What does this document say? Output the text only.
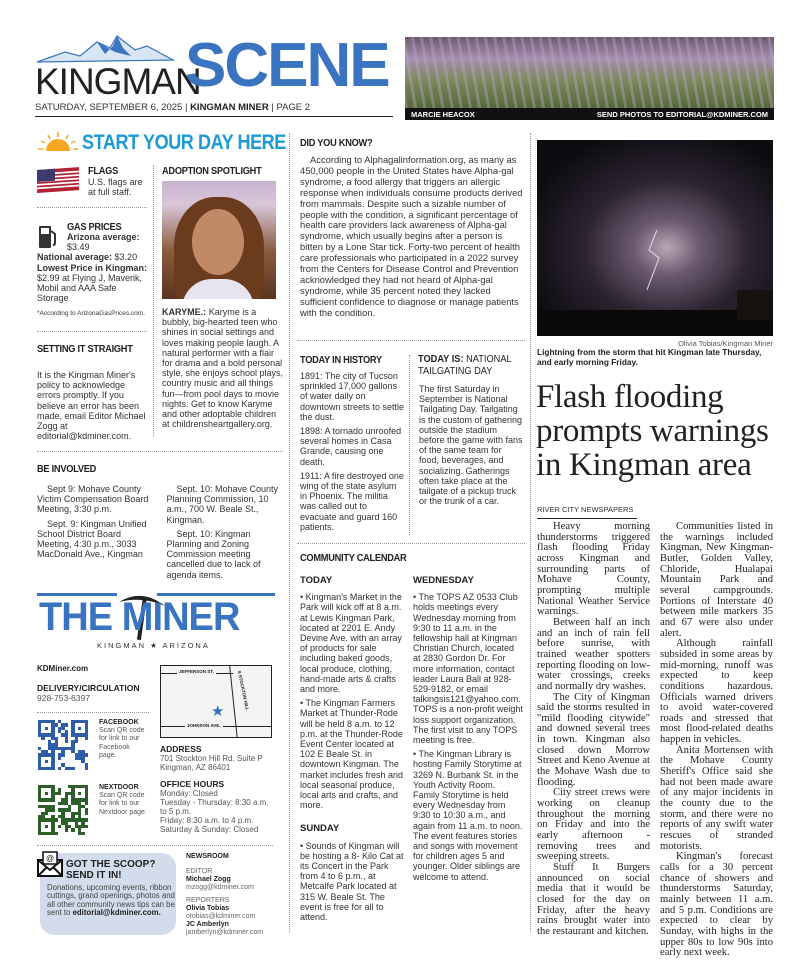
KINGMAN
SCENE
SATURDAY, SEPTEMBER 6, 2025 | KINGMAN MINER | PAGE 2
MARCIE HEACOX	SEND PHOTOS TO EDITORIAL@KDMINER.COM
START YOUR DAY HERE
FLAGS
U.S. flags are at full staff.
GAS PRICES
Arizona average:
$3.49
National average: $3.20
Lowest Price in Kingman:
$2.99 at Flying J, Maverik, Mobil and AAA Safe Storage
*According to ArizonaGasPrices.com.
SETTING IT STRAIGHT
It is the Kingman Miner's policy to acknowledge errors promptly. If you believe an error has been made, email Editor Michael Zogg at editorial@kdminer.com.
ADOPTION SPOTLIGHT
KARYME.: Karyme is a bubbly, big-hearted teen who shines in social settings and loves making people laugh. A natural performer with a flair for drama and a bold personal style, she enjoys school plays, country music and all things fun—from pool days to movie nights. Get to know Karyme and other adoptable children at childrensheartgallery.org.
BE INVOLVED

Sept 9: Mohave County Victim Compensation Board Meeting, 3:30 p.m.

Sept. 9: Kingman Unified School District Board Meeting, 4:30 p.m., 3033 MacDonald Ave., Kingman

Sept. 10: Mohave County Planning Commission, 10 a.m., 700 W. Beale St., Kingman.

Sept. 10: Kingman Planning and Zoning Commission meeting cancelled due to lack of agenda items.

THE MINER
KINGMAN ★ ARIZONA
KDMiner.com
DELIVERY/CIRCULATION
928-753-6397
FACEBOOK
Scan QR code for link to our Facebook page.
NEXTDOOR
Scan QR code for link to our Nextdoor page.
JEFFERSON ST.	S STOCKTON HILL
JOHNSON AVE.
★
ADDRESS
701 Stockton Hill Rd. Suite P
Kingman, AZ 86401
OFFICE HOURS

Monday: Closed
Tuesday - Thursday: 8:30 a.m. to 5 p.m.
Friday: 8:30 a.m. to 4 p.m.
Saturday & Sunday: Closed
@
GOT THE SCOOP?
SEND IT IN!
Donations, upcoming events, ribbon cuttings, grand openings, photos and all other community news tips can be sent to editorial@kdminer.com.
NEWSROOM
EDITOR
Michael Zogg
mzogg@kdminer.com
REPORTERS
Olivia Tobias
otobias@kdminer.com
JC Amberlyn
jamberlyn@kdminer.com
DID YOU KNOW?
According to Alphagalinformation.org, as many as 450,000 people in the United States have Alpha-gal syndrome, a food allergy that triggers an allergic response when individuals consume products derived from mammals. Despite such a sizable number of people with the condition, a significant percentage of health care providers lack awareness of Alpha-gal syndrome, which usually begins after a person is bitten by a Lone Star tick. Forty-two percent of health care professionals who participated in a 2022 survey from the Centers for Disease Control and Prevention acknowledged they had not heard of Alpha-gal syndrome, while 35 percent noted they lacked sufficient confidence to diagnose or manage patients with the condition.
TODAY IN HISTORY

1891: The city of Tucson sprinkled 17,000 gallons of water daily on downtown streets to settle the dust.

1898: A tornado unroofed several homes in Casa Grande, causing one death.

1911: A fire destroyed one wing of the state asylum in Phoenix. The militia was called out to evacuate and guard 160 patients.

TODAY IS: NATIONAL TAILGATING DAY
The first Saturday in September is National Tailgating Day. Tailgating is the custom of gathering outside the stadium before the game with fans of the same team for food, beverages, and socializing. Gatherings often take place at the tailgate of a pickup truck or the trunk of a car.
COMMUNITY CALENDAR
TODAY

• Kingman's Market in the Park will kick off at 8 a.m. at Lewis Kingman Park, located at 2201 E. Andy Devine Ave. with an array of products for sale including baked goods, local produce, clothing, hand-made arts & crafts and more.

• The Kingman Farmers Market at Thunder-Rode will be held 8 a.m. to 12 p.m. at the Thunder-Rode Event Center located at 102 E Beale St. in downtown Kingman. The market includes fresh and local seasonal produce, local arts and crafts, and more.

SUNDAY

• Sounds of Kingman will be hosting a 8- Kilo Cat at its Concert in the Park from 4 to 6 p.m., at Metcalfe Park located at 315 W. Beale St. The event is free for all to attend.

WEDNESDAY

• The TOPS AZ 0533 Club holds meetings every Wednesday morning from 9:30 to 11 a.m. in the fellowship hall at Kingman Christian Church, located at 2830 Gordon Dr. For more information, contact leader Laura Ball at 928-529-9182, or email talkingsis121@yahoo.com. TOPS is a non-profit weight loss support organization. The first visit to any TOPS meeting is free.

• The Kingman Library is hosting Family Storytime at 3269 N. Burbank St. in the Youth Activity Room. Family Storytime is held every Wednesday from 9:30 to 10:30 a.m., and again from 11 a.m. to noon. The event features stories and songs with movement for children ages 5 and younger. Older siblings are welcome to attend.

Olivia Tobias/Kingman Miner
Lightning from the storm that hit Kingman late Thursday, and early morning Friday.
Flash flooding prompts warnings in Kingman area
RIVER CITY NEWSPAPERS

Heavy morning thunderstorms triggered flash flooding Friday across Kingman and surrounding parts of Mohave County, prompting multiple National Weather Service warnings.

Between half an inch and an inch of rain fell before sunrise, with trained weather spotters reporting flooding on low-water crossings, creeks and normally dry washes.

The City of Kingman said the storms resulted in "mild flooding citywide" and downed several trees in town. Kingman also closed down Morrow Street and Keno Avenue at the Mohave Wash due to flooding.

City street crews were working on cleanup throughout the morning on Friday and into the early afternoon - removing trees and sweeping streets.

Stuff It Burgers announced on social media that it would be closed for the day on Friday, after the heavy rains brought water into the restaurant and kitchen.

Communities listed in the warnings included Kingman, New Kingman-Butler, Golden Valley, Chloride, Hualapai Mountain Park and several campgrounds. Portions of Interstate 40 between mile markers 35 and 67 were also under alert.

Although rainfall subsided in some areas by mid-morning, runoff was expected to keep conditions hazardous. Officials warned drivers to avoid water-covered roads and stressed that most flood-related deaths happen in vehicles.

Anita Mortensen with the Mohave County Sheriff's Office said she had not been made aware of any major incidents in the county due to the storm, and there were no reports of any swift water rescues of stranded motorists.

Kingman's forecast calls for a 30 percent chance of showers and thunderstorms Saturday, mainly between 11 a.m. and 5 p.m. Conditions are expected to clear by Sunday, with highs in the upper 80s to low 90s into early next week.
